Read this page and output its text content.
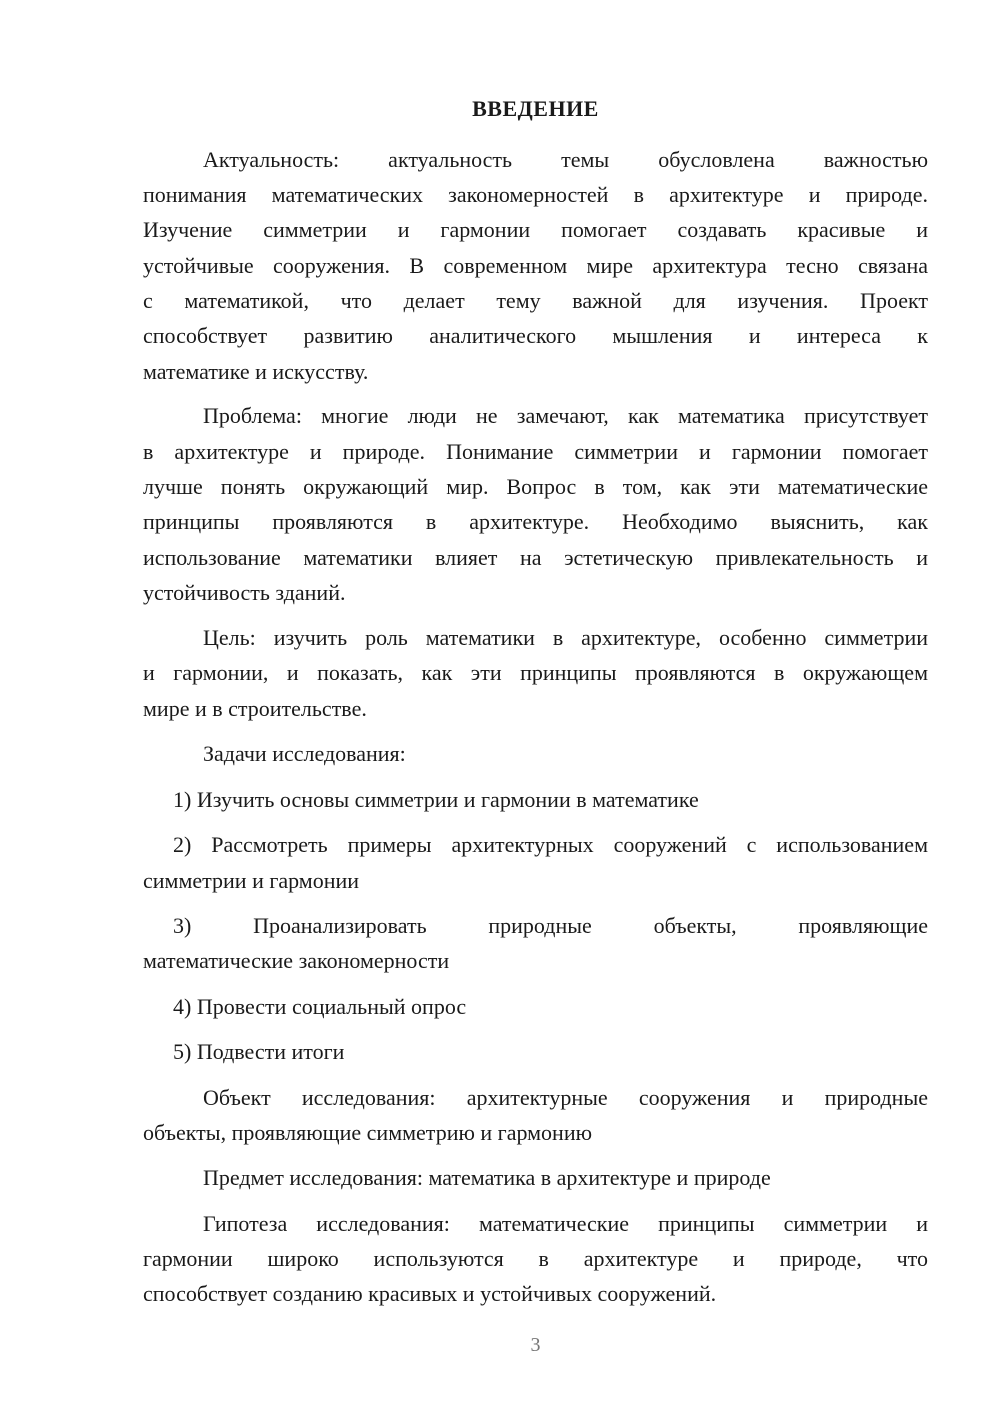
ВВЕДЕНИЕ
Актуальность: актуальность темы обусловлена важностью
понимания математических закономерностей в архитектуре и природе.
Изучение симметрии и гармонии помогает создавать красивые и
устойчивые сооружения. В современном мире архитектура тесно связана
с математикой, что делает тему важной для изучения. Проект
способствует развитию аналитического мышления и интереса к
математике и искусству.
Проблема: многие люди не замечают, как математика присутствует
в архитектуре и природе. Понимание симметрии и гармонии помогает
лучше понять окружающий мир. Вопрос в том, как эти математические
принципы проявляются в архитектуре. Необходимо выяснить, как
использование математики влияет на эстетическую привлекательность и
устойчивость зданий.
Цель: изучить роль математики в архитектуре, особенно симметрии
и гармонии, и показать, как эти принципы проявляются в окружающем
мире и в строительстве.
Задачи исследования:
1) Изучить основы симметрии и гармонии в математике
2) Рассмотреть примеры архитектурных сооружений с использованием
симметрии и гармонии
3) Проанализировать природные объекты, проявляющие
математические закономерности
4) Провести социальный опрос
5) Подвести итоги
Объект исследования: архитектурные сооружения и природные
объекты, проявляющие симметрию и гармонию
Предмет исследования: математика в архитектуре и природе
Гипотеза исследования: математические принципы симметрии и
гармонии широко используются в архитектуре и природе, что
способствует созданию красивых и устойчивых сооружений.
3
